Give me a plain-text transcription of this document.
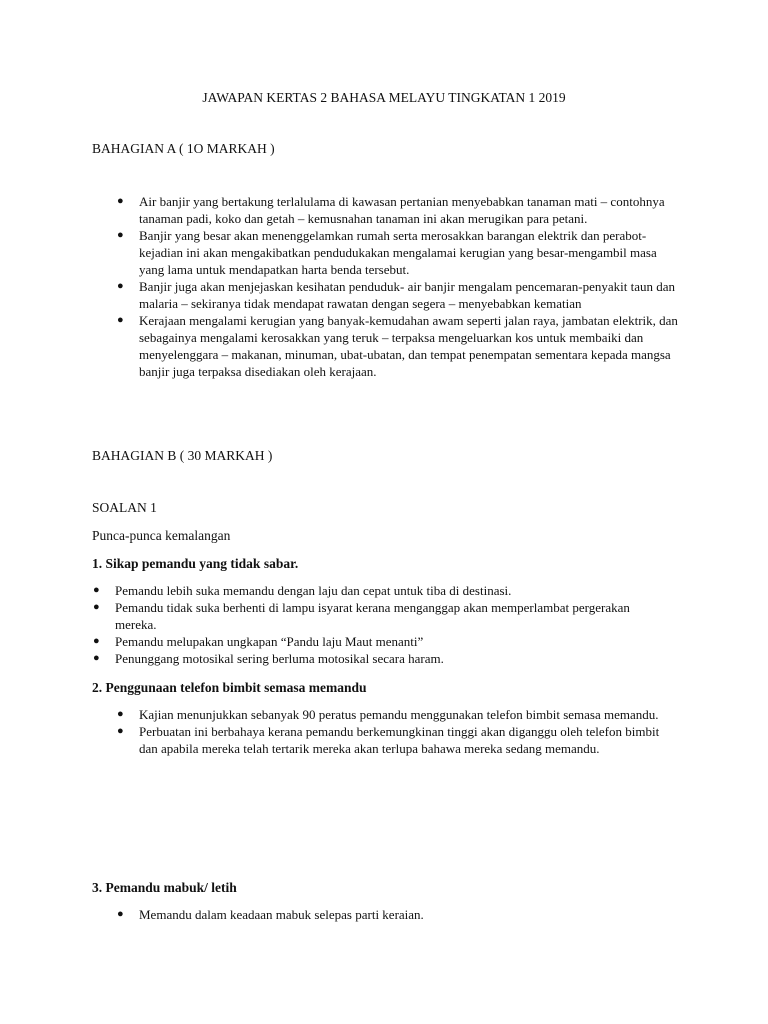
JAWAPAN KERTAS 2 BAHASA MELAYU TINGKATAN 1 2019
BAHAGIAN A ( 1O MARKAH )
● Air banjir yang bertakung terlalulama di kawasan pertanian menyebabkan tanaman mati – contohnya tanaman padi, koko dan getah – kemusnahan tanaman ini akan merugikan para petani.
● Banjir yang besar akan menenggelamkan rumah serta merosakkan barangan elektrik dan perabot-kejadian ini akan mengakibatkan pendudukakan mengalamai kerugian yang besar-mengambil masa yang lama untuk mendapatkan harta benda tersebut.
● Banjir juga akan menjejaskan kesihatan penduduk- air banjir mengalam pencemaran-penyakit taun dan malaria – sekiranya tidak mendapat rawatan dengan segera – menyebabkan kematian
● Kerajaan mengalami kerugian yang banyak-kemudahan awam seperti jalan raya, jambatan elektrik, dan sebagainya mengalami kerosakkan yang teruk – terpaksa mengeluarkan kos untuk membaiki dan menyelenggara – makanan, minuman, ubat-ubatan, dan tempat penempatan sementara kepada mangsa banjir juga terpaksa disediakan oleh kerajaan.
BAHAGIAN B ( 30 MARKAH )
SOALAN 1
Punca-punca kemalangan
1. Sikap pemandu yang tidak sabar.
● Pemandu lebih suka memandu dengan laju dan cepat untuk tiba di destinasi.
● Pemandu tidak suka berhenti di lampu isyarat kerana menganggap akan memperlambat pergerakan mereka.
● Pemandu melupakan ungkapan “Pandu laju Maut menanti”
● Penunggang motosikal sering berluma motosikal secara haram.
2. Penggunaan telefon bimbit semasa memandu
● Kajian menunjukkan sebanyak 90 peratus pemandu menggunakan telefon bimbit semasa memandu.
● Perbuatan ini berbahaya kerana pemandu berkemungkinan tinggi akan diganggu oleh telefon bimbit dan apabila mereka telah tertarik mereka akan terlupa bahawa mereka sedang memandu.
3. Pemandu mabuk/ letih
● Memandu dalam keadaan mabuk selepas parti keraian.
